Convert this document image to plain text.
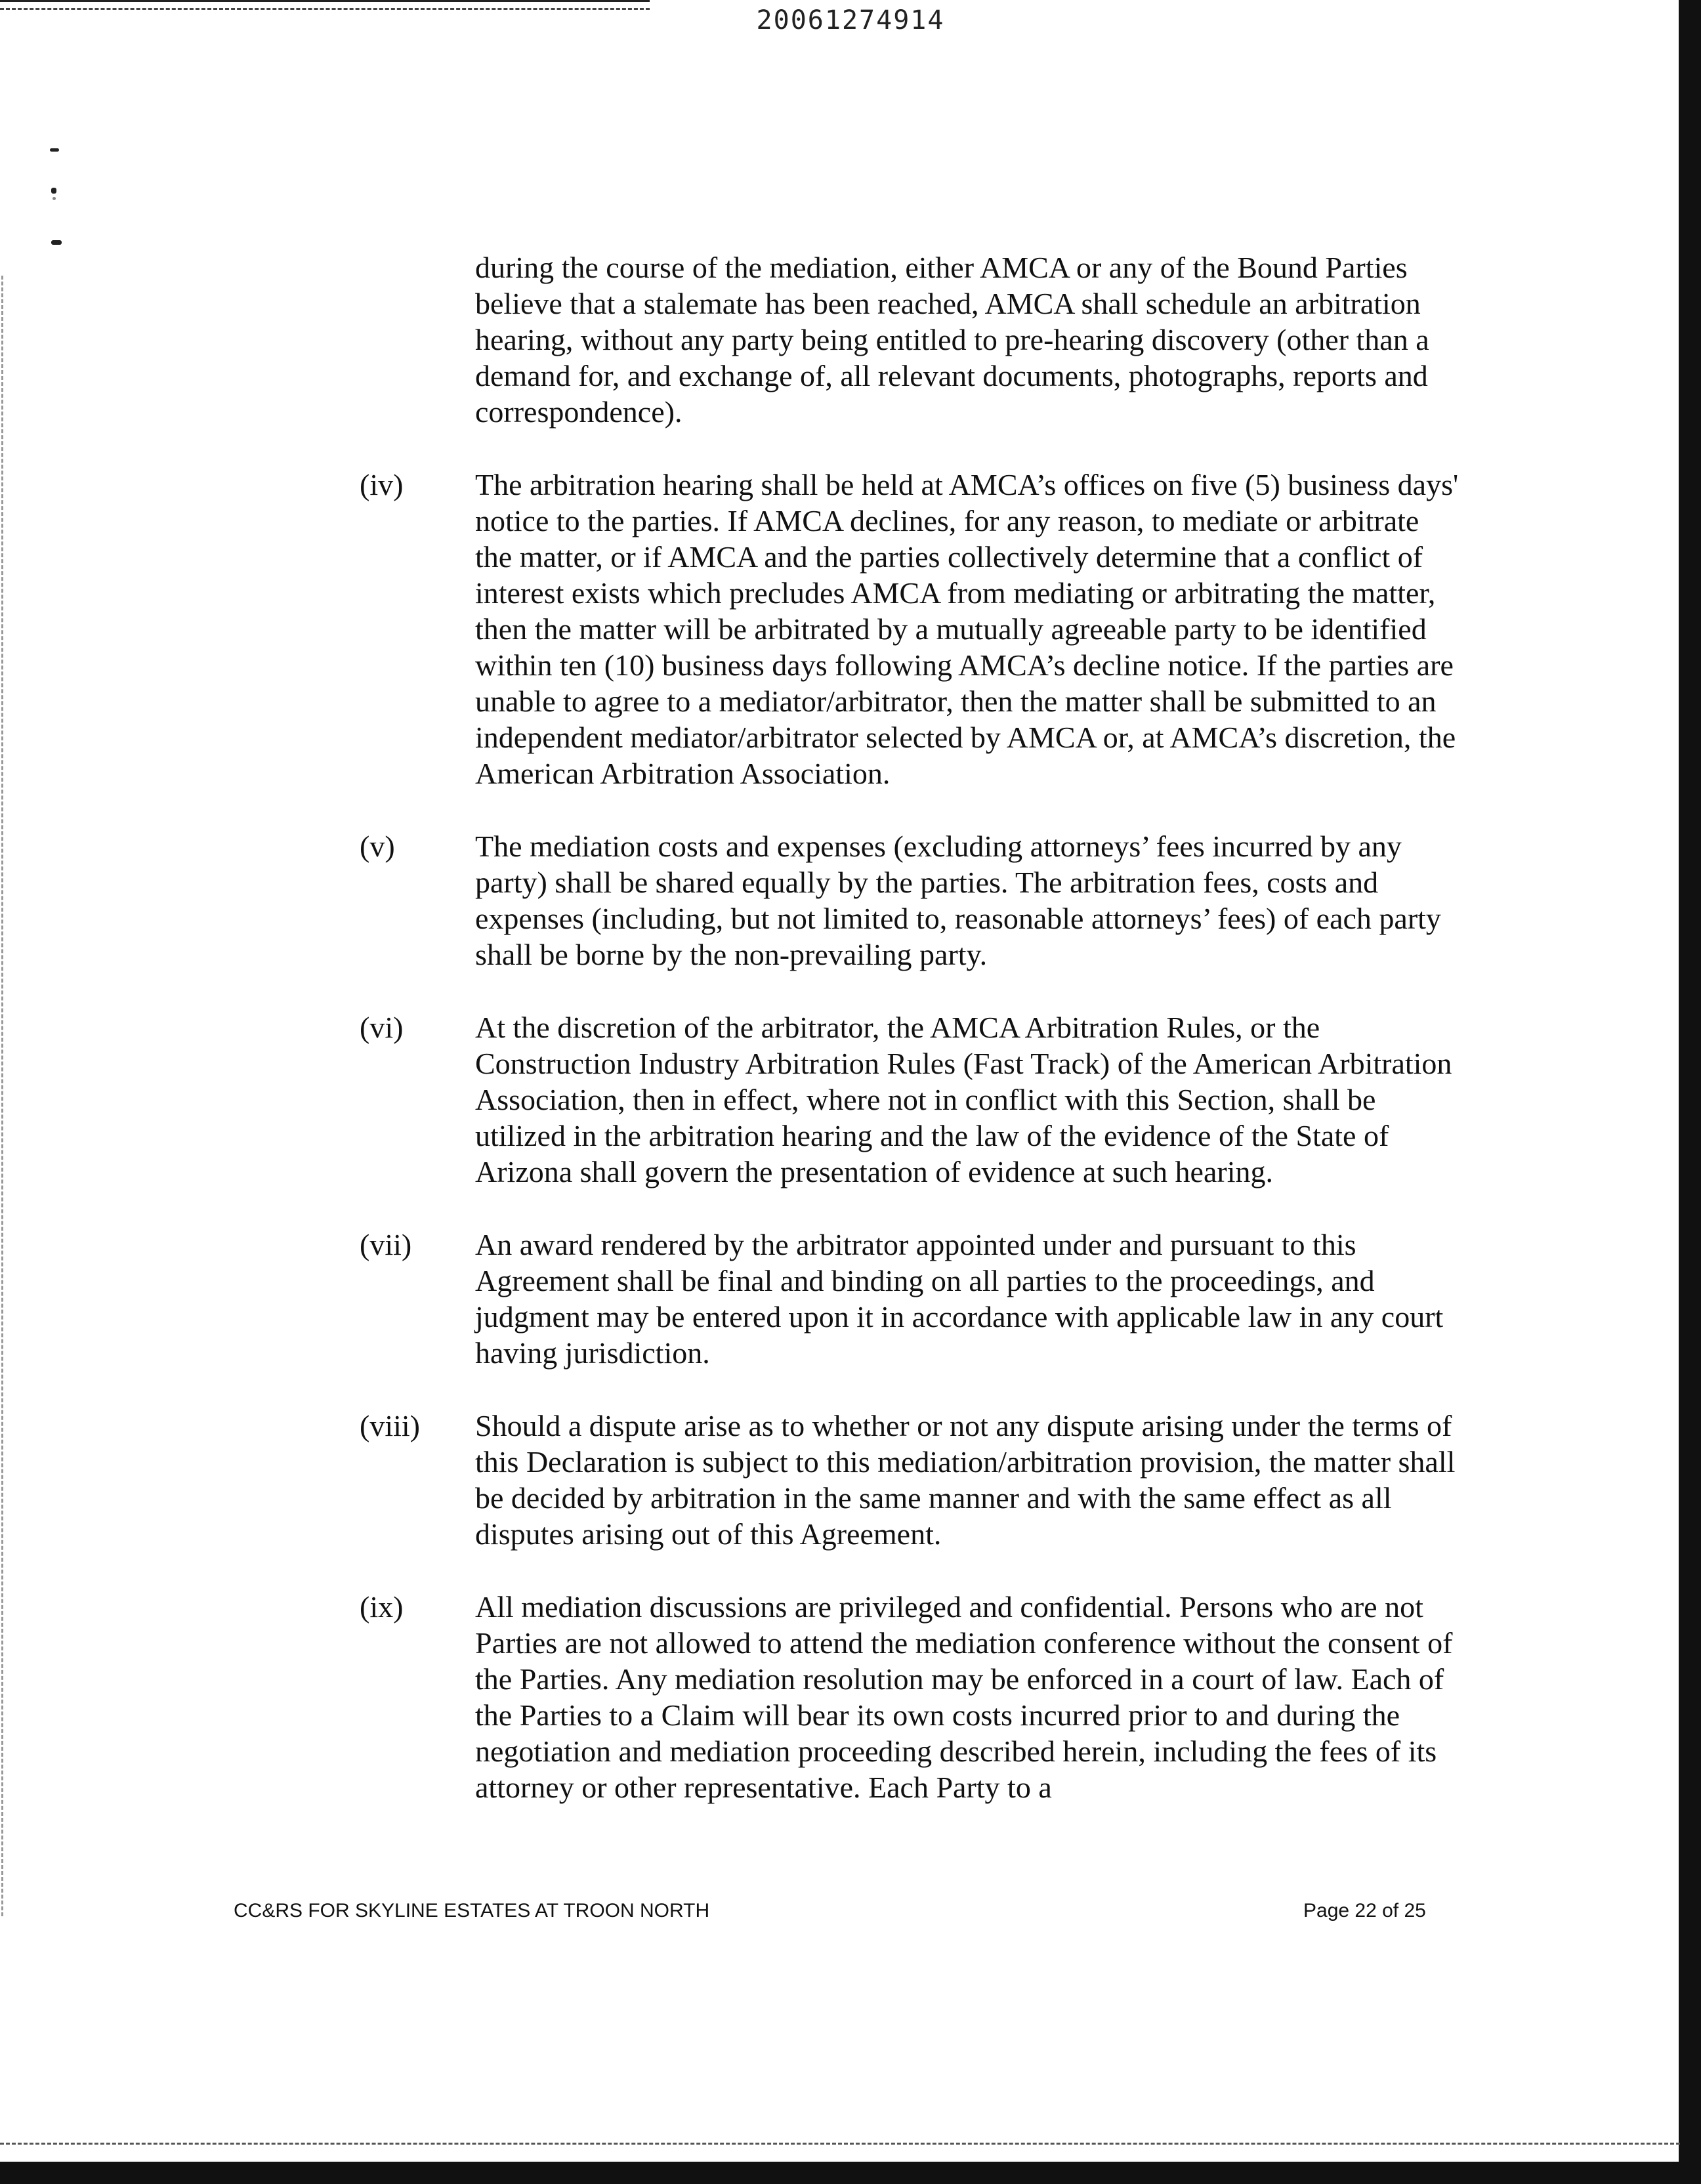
20061274914
during the course of the mediation, either AMCA or any of the Bound Parties believe that a stalemate has been reached, AMCA shall schedule an arbitration hearing, without any party being entitled to pre-hearing discovery (other than a demand for, and exchange of, all relevant documents, photographs, reports and correspondence).
(iv)	The arbitration hearing shall be held at AMCA’s offices on five (5) business days' notice to the parties. If AMCA declines, for any reason, to mediate or arbitrate the matter, or if AMCA and the parties collectively determine that a conflict of interest exists which precludes AMCA from mediating or arbitrating the matter, then the matter will be arbitrated by a mutually agreeable party to be identified within ten (10) business days following AMCA’s decline notice. If the parties are unable to agree to a mediator/arbitrator, then the matter shall be submitted to an independent mediator/arbitrator selected by AMCA or, at AMCA’s discretion, the American Arbitration Association.
(v)	The mediation costs and expenses (excluding attorneys’ fees incurred by any party) shall be shared equally by the parties. The arbitration fees, costs and expenses (including, but not limited to, reasonable attorneys’ fees) of each party shall be borne by the non-prevailing party.
(vi)	At the discretion of the arbitrator, the AMCA Arbitration Rules, or the Construction Industry Arbitration Rules (Fast Track) of the American Arbitration Association, then in effect, where not in conflict with this Section, shall be utilized in the arbitration hearing and the law of the evidence of the State of Arizona shall govern the presentation of evidence at such hearing.
(vii)	An award rendered by the arbitrator appointed under and pursuant to this Agreement shall be final and binding on all parties to the proceedings, and judgment may be entered upon it in accordance with applicable law in any court having jurisdiction.
(viii)	Should a dispute arise as to whether or not any dispute arising under the terms of this Declaration is subject to this mediation/arbitration provision, the matter shall be decided by arbitration in the same manner and with the same effect as all disputes arising out of this Agreement.
(ix)	All mediation discussions are privileged and confidential. Persons who are not Parties are not allowed to attend the mediation conference without the consent of the Parties. Any mediation resolution may be enforced in a court of law. Each of the Parties to a Claim will bear its own costs incurred prior to and during the negotiation and mediation proceeding described herein, including the fees of its attorney or other representative. Each Party to a
CC&RS FOR SKYLINE ESTATES AT TROON NORTH	Page 22 of 25
